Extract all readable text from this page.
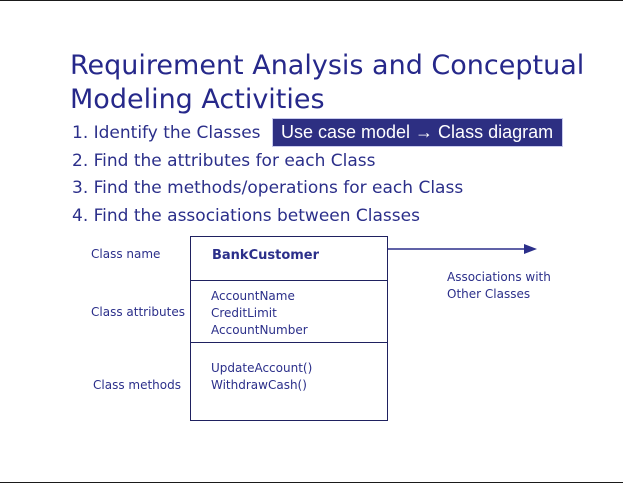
Requirement Analysis and Conceptual
Modeling Activities
1. Identify the Classes
2. Find the attributes for each Class
3. Find the methods/operations for each Class
4. Find the associations between Classes
Use case model → Class diagram
Class name
Class attributes
Class methods
BankCustomer
AccountName
CreditLimit
AccountNumber
UpdateAccount()
WithdrawCash()
Associations with
Other Classes
